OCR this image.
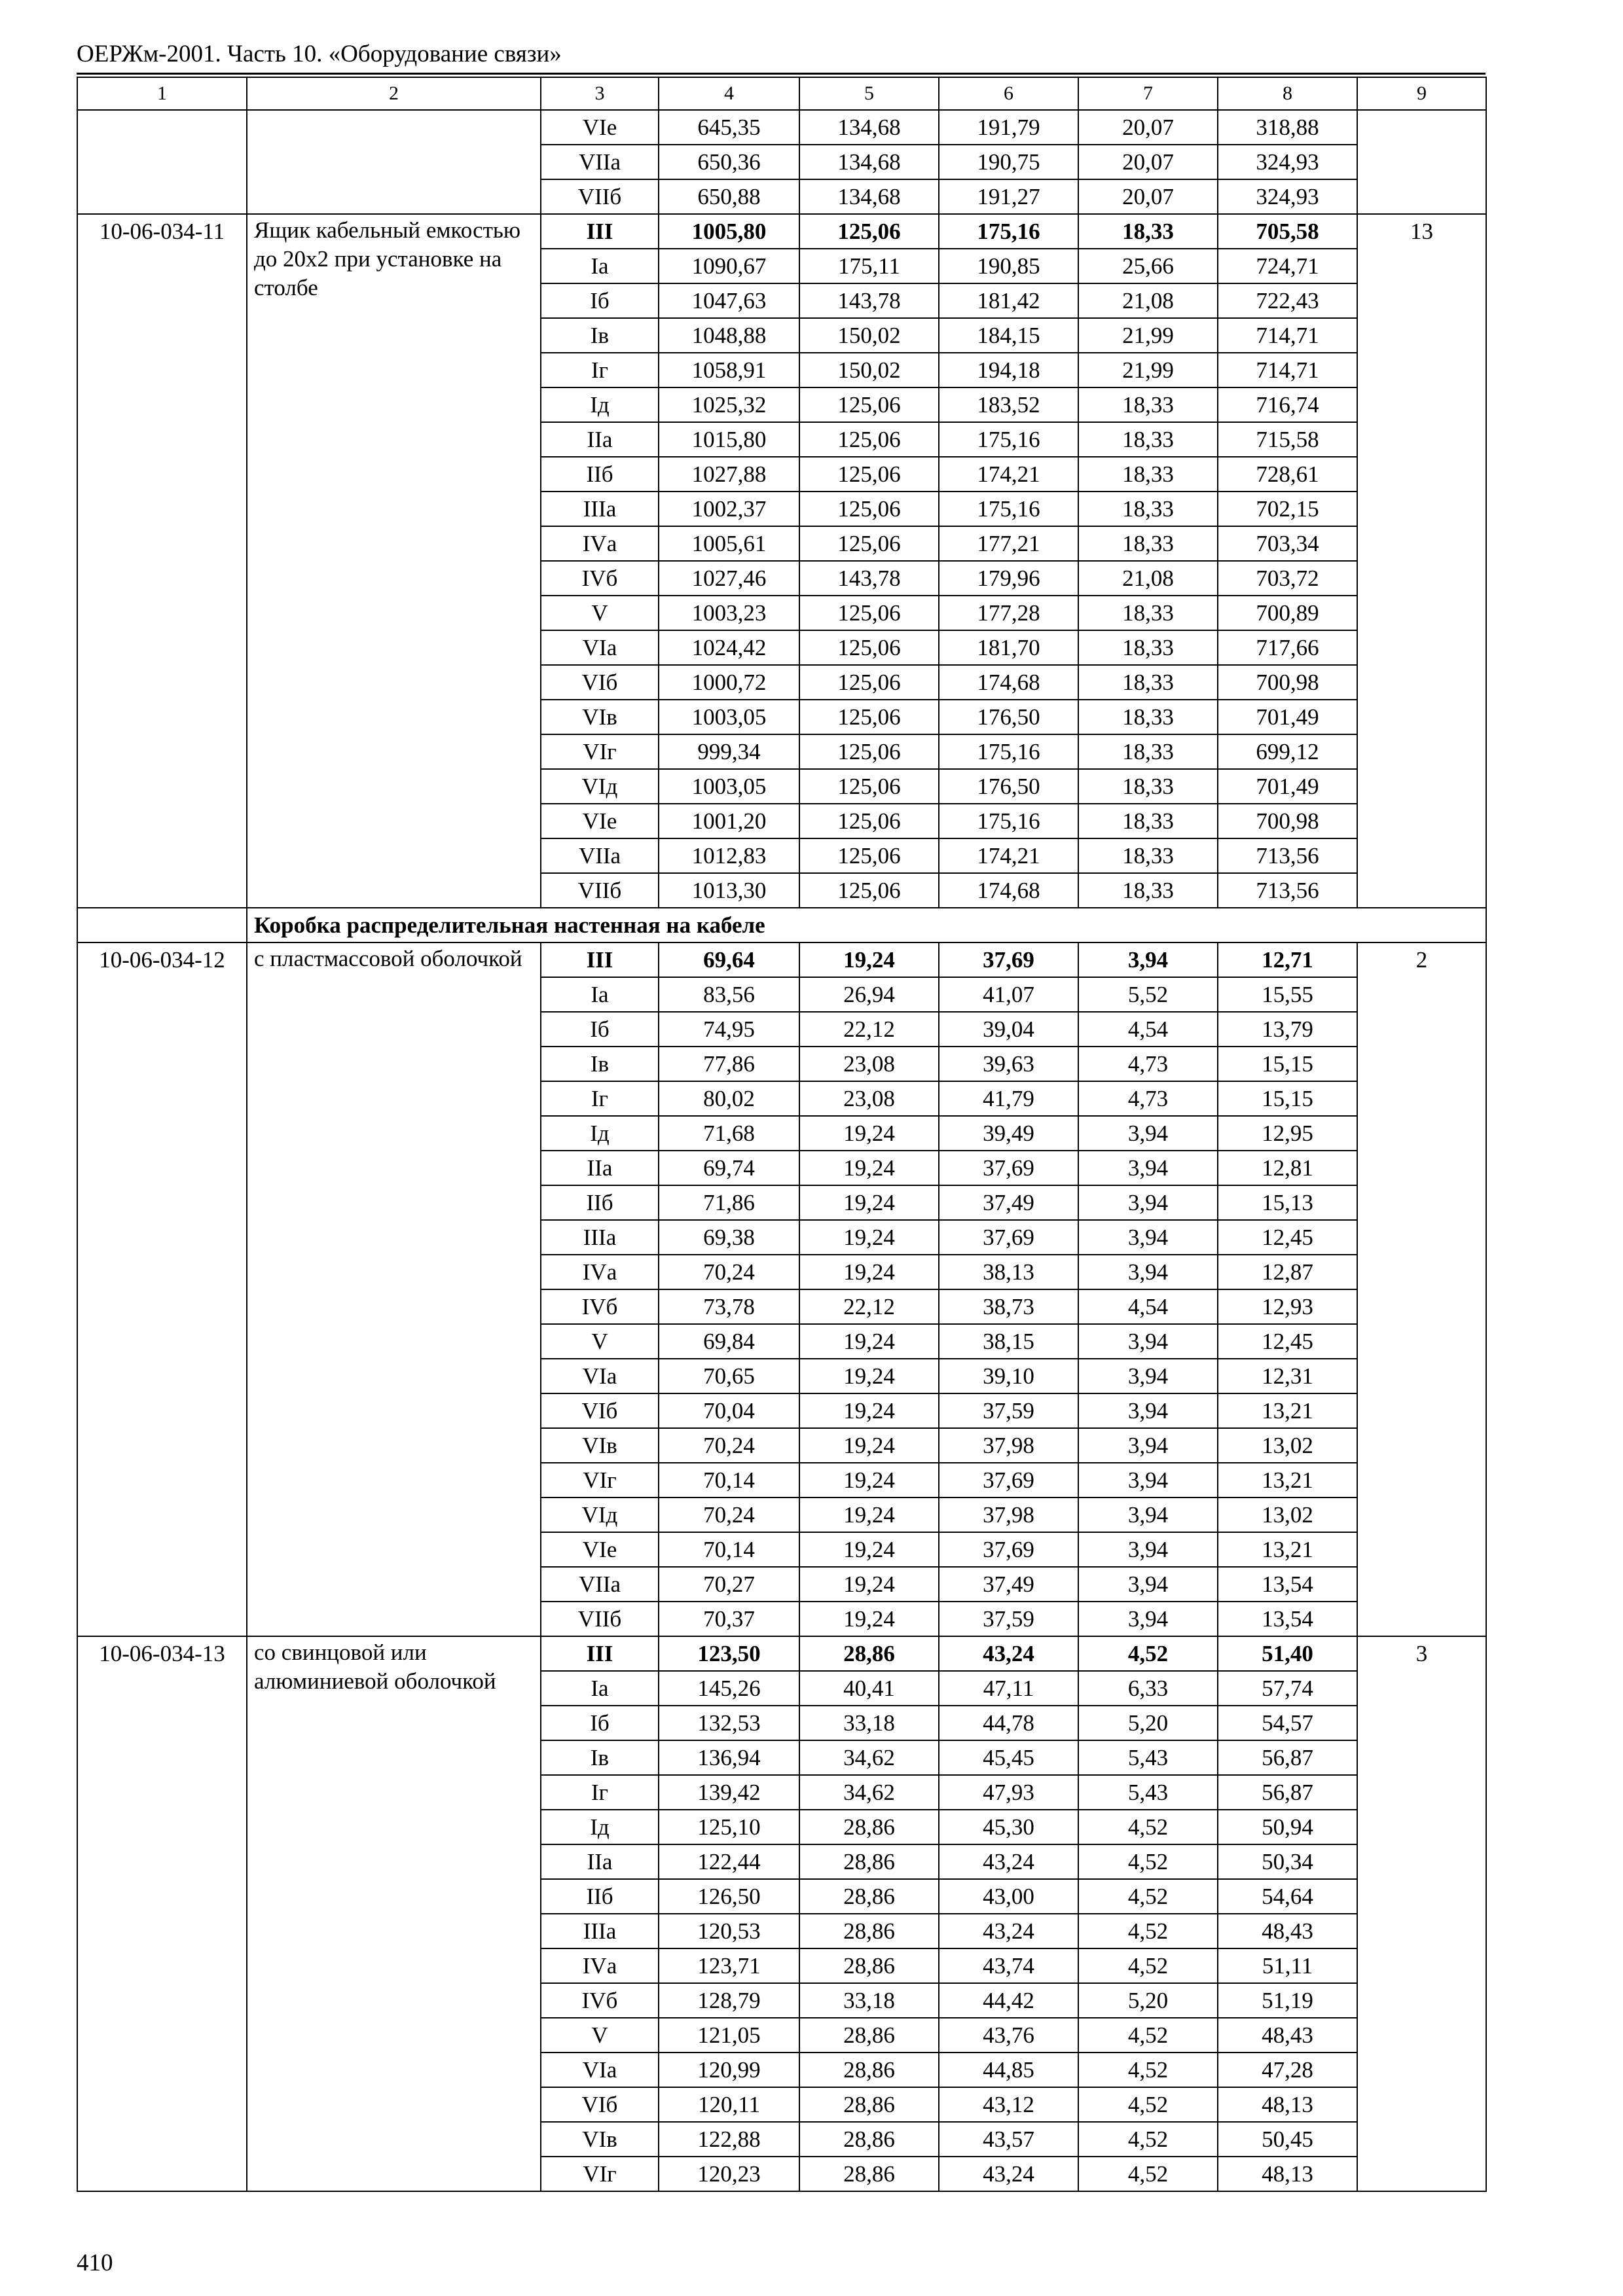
ОЕРЖм-2001. Часть 10. «Оборудование связи»
1	2	3	4	5	6	7	8	9
		VIе	645,35	134,68	191,79	20,07	318,88	
		VIIа	650,36	134,68	190,75	20,07	324,93	
		VIIб	650,88	134,68	191,27	20,07	324,93	
10-06-034-11	Ящик кабельный емкостью до 20х2 при установке на столбе	III	1005,80	125,06	175,16	18,33	705,58	13
		Iа	1090,67	175,11	190,85	25,66	724,71	
		Iб	1047,63	143,78	181,42	21,08	722,43	
		Iв	1048,88	150,02	184,15	21,99	714,71	
		Iг	1058,91	150,02	194,18	21,99	714,71	
		Iд	1025,32	125,06	183,52	18,33	716,74	
		IIа	1015,80	125,06	175,16	18,33	715,58	
		IIб	1027,88	125,06	174,21	18,33	728,61	
		IIIа	1002,37	125,06	175,16	18,33	702,15	
		IVа	1005,61	125,06	177,21	18,33	703,34	
		IVб	1027,46	143,78	179,96	21,08	703,72	
		V	1003,23	125,06	177,28	18,33	700,89	
		VIа	1024,42	125,06	181,70	18,33	717,66	
		VIб	1000,72	125,06	174,68	18,33	700,98	
		VIв	1003,05	125,06	176,50	18,33	701,49	
		VIг	999,34	125,06	175,16	18,33	699,12	
		VIд	1003,05	125,06	176,50	18,33	701,49	
		VIе	1001,20	125,06	175,16	18,33	700,98	
		VIIа	1012,83	125,06	174,21	18,33	713,56	
		VIIб	1013,30	125,06	174,68	18,33	713,56	
	Коробка распределительная настенная на кабеле							
10-06-034-12	с пластмассовой оболочкой	III	69,64	19,24	37,69	3,94	12,71	2
		Iа	83,56	26,94	41,07	5,52	15,55	
		Iб	74,95	22,12	39,04	4,54	13,79	
		Iв	77,86	23,08	39,63	4,73	15,15	
		Iг	80,02	23,08	41,79	4,73	15,15	
		Iд	71,68	19,24	39,49	3,94	12,95	
		IIа	69,74	19,24	37,69	3,94	12,81	
		IIб	71,86	19,24	37,49	3,94	15,13	
		IIIа	69,38	19,24	37,69	3,94	12,45	
		IVа	70,24	19,24	38,13	3,94	12,87	
		IVб	73,78	22,12	38,73	4,54	12,93	
		V	69,84	19,24	38,15	3,94	12,45	
		VIа	70,65	19,24	39,10	3,94	12,31	
		VIб	70,04	19,24	37,59	3,94	13,21	
		VIв	70,24	19,24	37,98	3,94	13,02	
		VIг	70,14	19,24	37,69	3,94	13,21	
		VIд	70,24	19,24	37,98	3,94	13,02	
		VIе	70,14	19,24	37,69	3,94	13,21	
		VIIа	70,27	19,24	37,49	3,94	13,54	
		VIIб	70,37	19,24	37,59	3,94	13,54	
10-06-034-13	со свинцовой или алюминиевой оболочкой	III	123,50	28,86	43,24	4,52	51,40	3
		Iа	145,26	40,41	47,11	6,33	57,74	
		Iб	132,53	33,18	44,78	5,20	54,57	
		Iв	136,94	34,62	45,45	5,43	56,87	
		Iг	139,42	34,62	47,93	5,43	56,87	
		Iд	125,10	28,86	45,30	4,52	50,94	
		IIа	122,44	28,86	43,24	4,52	50,34	
		IIб	126,50	28,86	43,00	4,52	54,64	
		IIIа	120,53	28,86	43,24	4,52	48,43	
		IVа	123,71	28,86	43,74	4,52	51,11	
		IVб	128,79	33,18	44,42	5,20	51,19	
		V	121,05	28,86	43,76	4,52	48,43	
		VIа	120,99	28,86	44,85	4,52	47,28	
		VIб	120,11	28,86	43,12	4,52	48,13	
		VIв	122,88	28,86	43,57	4,52	50,45	
		VIг	120,23	28,86	43,24	4,52	48,13	
410
